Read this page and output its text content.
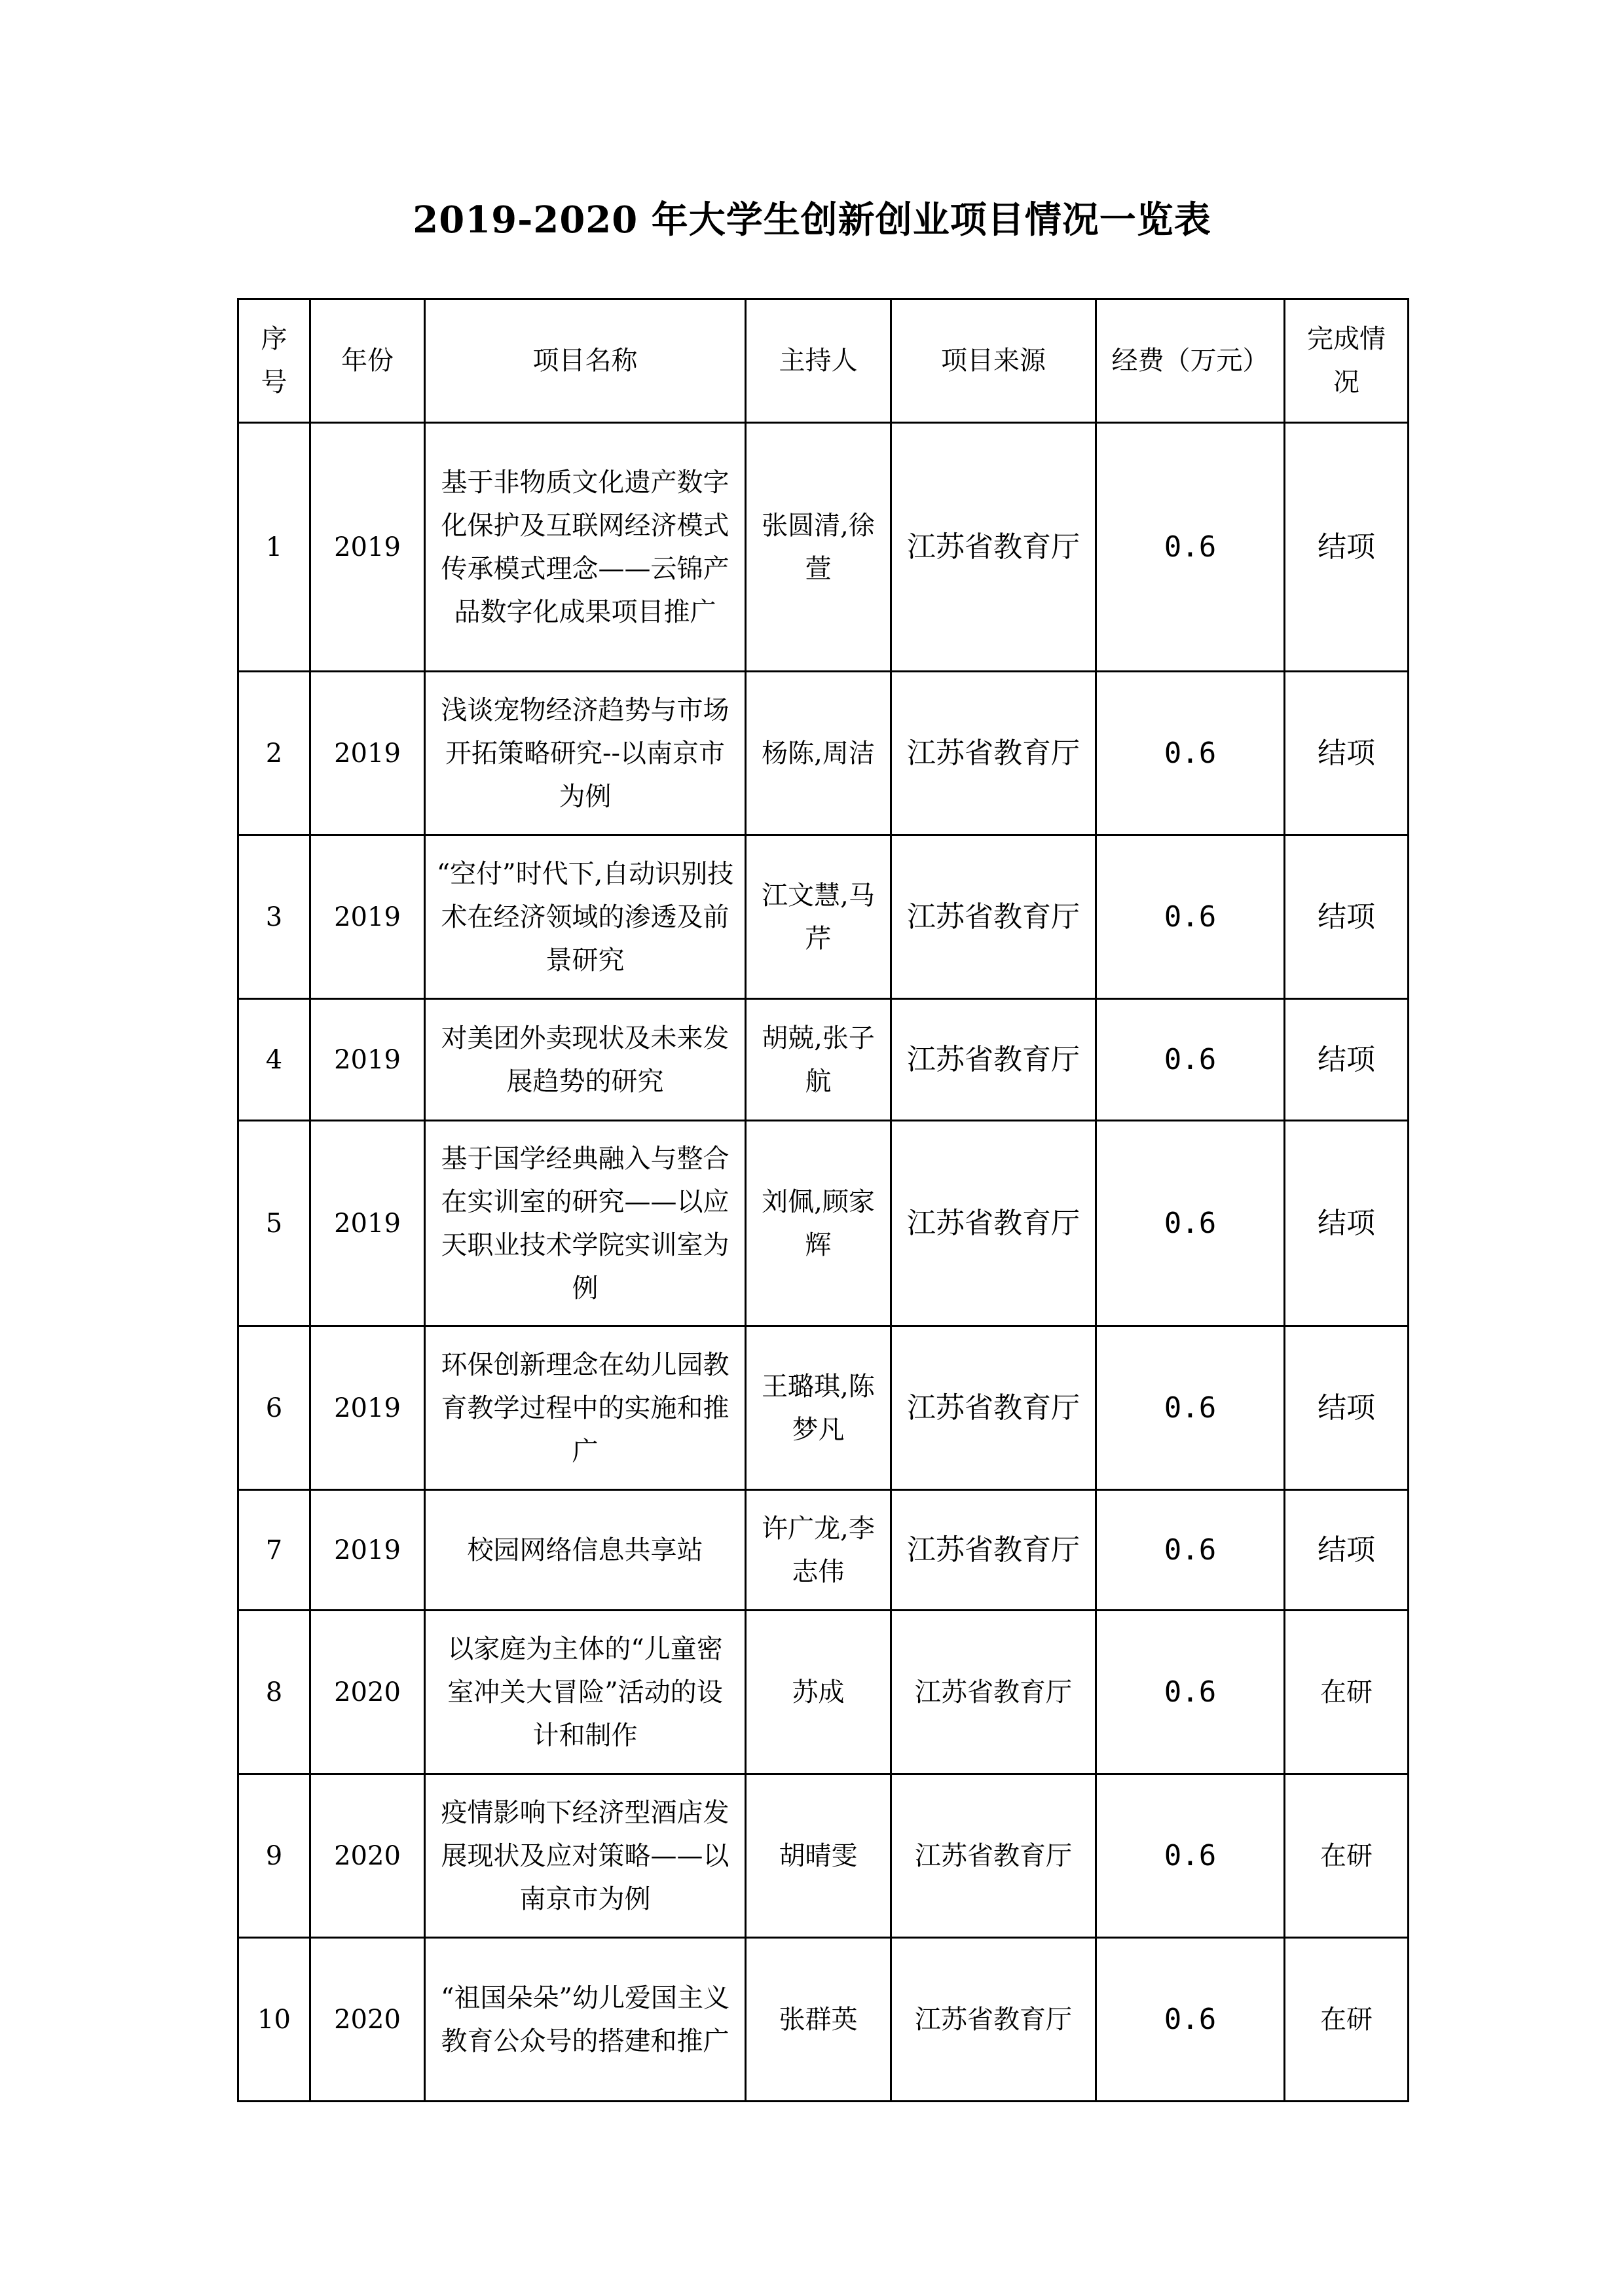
2019-2020 年大学生创新创业项目情况一览表
序号	年份	项目名称	主持人	项目来源	经费（万元）	完成情况
1	2019	基于非物质文化遗产数字化保护及互联网经济模式传承模式理念——云锦产品数字化成果项目推广	张圆清,徐萱	江苏省教育厅	0.6	结项
2	2019	浅谈宠物经济趋势与市场开拓策略研究--以南京市为例	杨陈,周洁	江苏省教育厅	0.6	结项
3	2019	“空付”时代下,自动识别技术在经济领域的渗透及前景研究	江文慧,马芹	江苏省教育厅	0.6	结项
4	2019	对美团外卖现状及未来发展趋势的研究	胡兢,张子航	江苏省教育厅	0.6	结项
5	2019	基于国学经典融入与整合在实训室的研究——以应天职业技术学院实训室为例	刘佩,顾家辉	江苏省教育厅	0.6	结项
6	2019	环保创新理念在幼儿园教育教学过程中的实施和推广	王璐琪,陈梦凡	江苏省教育厅	0.6	结项
7	2019	校园网络信息共享站	许广龙,李志伟	江苏省教育厅	0.6	结项
8	2020	以家庭为主体的“儿童密室冲关大冒险”活动的设计和制作	苏成	江苏省教育厅	0.6	在研
9	2020	疫情影响下经济型酒店发展现状及应对策略——以南京市为例	胡晴雯	江苏省教育厅	0.6	在研
10	2020	“祖国朵朵”幼儿爱国主义教育公众号的搭建和推广	张群英	江苏省教育厅	0.6	在研
